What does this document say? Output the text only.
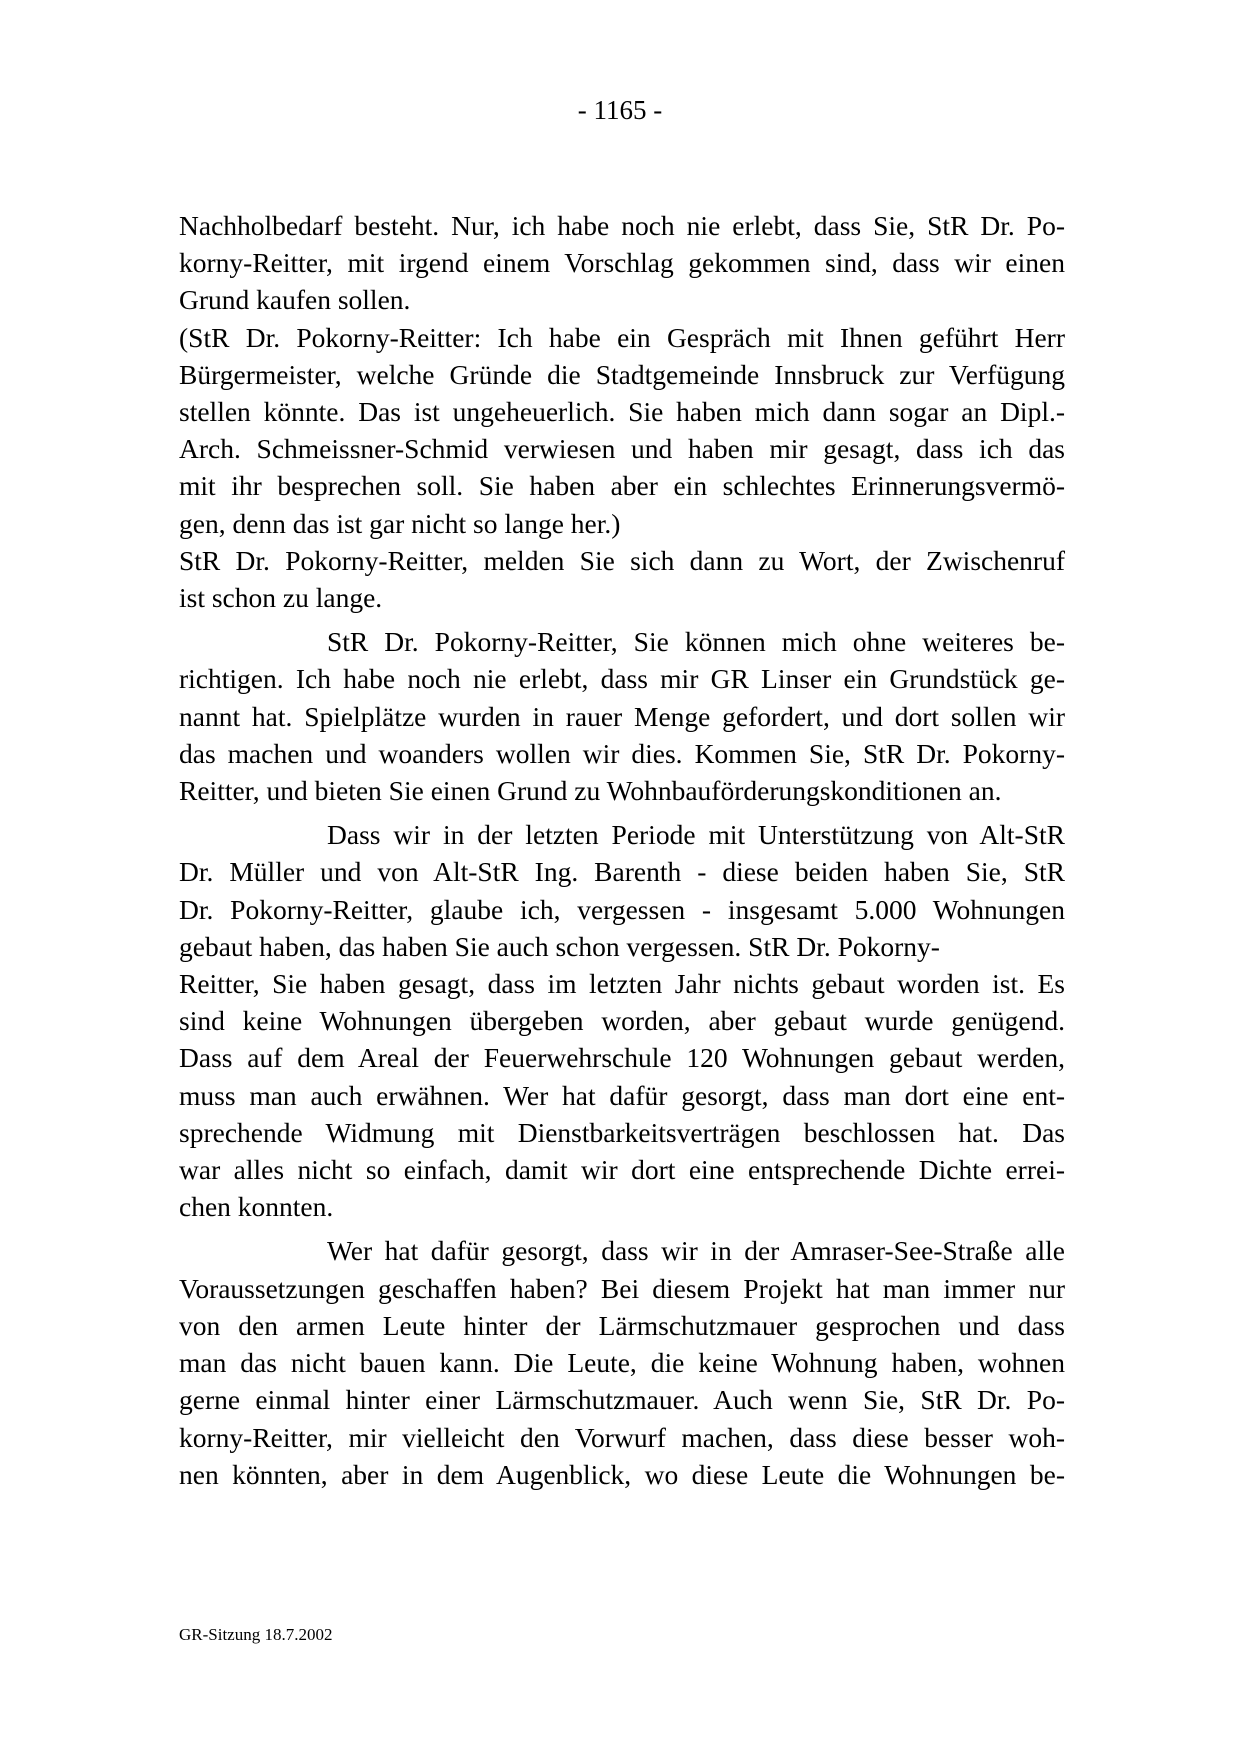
- 1165 -
Nachholbedarf besteht. Nur, ich habe noch nie erlebt, dass Sie, StR Dr. Po-
korny-Reitter, mit irgend einem Vorschlag gekommen sind, dass wir einen
Grund kaufen sollen.
(StR Dr. Pokorny-Reitter: Ich habe ein Gespräch mit Ihnen geführt Herr
Bürgermeister, welche Gründe die Stadtgemeinde Innsbruck zur Verfügung
stellen könnte. Das ist ungeheuerlich. Sie haben mich dann sogar an Dipl.-
Arch. Schmeissner-Schmid verwiesen und haben mir gesagt, dass ich das
mit ihr besprechen soll. Sie haben aber ein schlechtes Erinnerungsvermö-
gen, denn das ist gar nicht so lange her.)
StR Dr. Pokorny-Reitter, melden Sie sich dann zu Wort, der Zwischenruf
ist schon zu lange.
StR Dr. Pokorny-Reitter, Sie können mich ohne weiteres be-
richtigen. Ich habe noch nie erlebt, dass mir GR Linser ein Grundstück ge-
nannt hat. Spielplätze wurden in rauer Menge gefordert, und dort sollen wir
das machen und woanders wollen wir dies. Kommen Sie, StR Dr. Pokorny-
Reitter, und bieten Sie einen Grund zu Wohnbauförderungskonditionen an.
Dass wir in der letzten Periode mit Unterstützung von Alt-StR
Dr. Müller und von Alt-StR Ing. Barenth - diese beiden haben Sie, StR
Dr. Pokorny-Reitter, glaube ich, vergessen - insgesamt 5.000 Wohnungen
gebaut haben, das haben Sie auch schon vergessen. StR Dr. Pokorny-
Reitter, Sie haben gesagt, dass im letzten Jahr nichts gebaut worden ist. Es
sind keine Wohnungen übergeben worden, aber gebaut wurde genügend.
Dass auf dem Areal der Feuerwehrschule 120 Wohnungen gebaut werden,
muss man auch erwähnen. Wer hat dafür gesorgt, dass man dort eine ent-
sprechende Widmung mit Dienstbarkeitsverträgen beschlossen hat. Das
war alles nicht so einfach, damit wir dort eine entsprechende Dichte errei-
chen konnten.
Wer hat dafür gesorgt, dass wir in der Amraser-See-Straße alle
Voraussetzungen geschaffen haben? Bei diesem Projekt hat man immer nur
von den armen Leute hinter der Lärmschutzmauer gesprochen und dass
man das nicht bauen kann. Die Leute, die keine Wohnung haben, wohnen
gerne einmal hinter einer Lärmschutzmauer. Auch wenn Sie, StR Dr. Po-
korny-Reitter, mir vielleicht den Vorwurf machen, dass diese besser woh-
nen könnten, aber in dem Augenblick, wo diese Leute die Wohnungen be-
GR-Sitzung 18.7.2002
